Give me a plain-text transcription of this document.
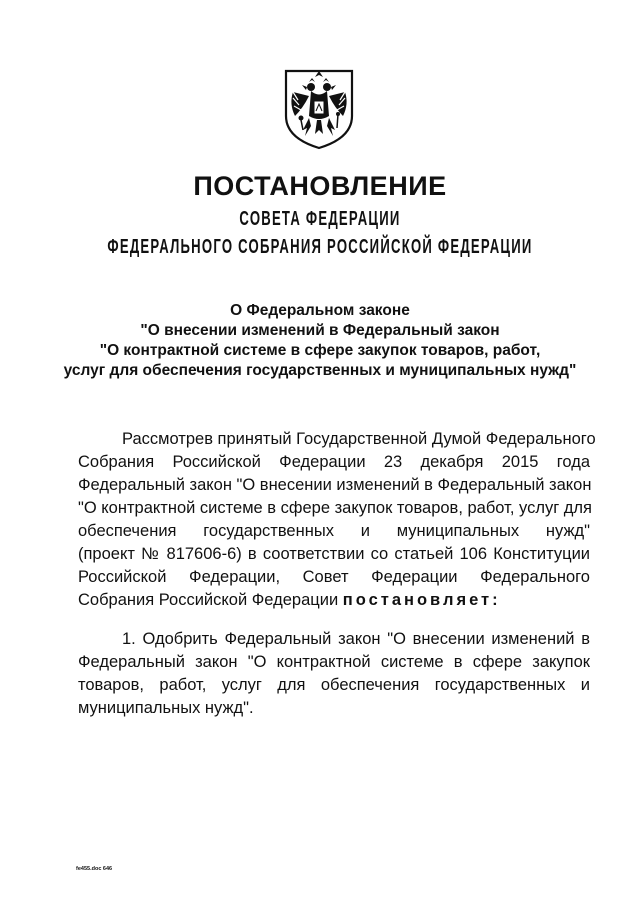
ПОСТАНОВЛЕНИЕ
СОВЕТА ФЕДЕРАЦИИ
ФЕДЕРАЛЬНОГО СОБРАНИЯ РОССИЙСКОЙ ФЕДЕРАЦИИ
О Федеральном законе
"О внесении изменений в Федеральный закон
"О контрактной системе в сфере закупок товаров, работ,
услуг для обеспечения государственных и муниципальных нужд"
Рассмотрев принятый Государственной Думой Федерального
Собрания Российской Федерации 23 декабря 2015 года
Федеральный закон "О внесении изменений в Федеральный закон
"О контрактной системе в сфере закупок товаров, работ, услуг для
обеспечения государственных и муниципальных нужд"
(проект № 817606-6) в соответствии со статьей 106 Конституции
Российской Федерации, Совет Федерации Федерального
Собрания Российской Федерации постановляет:
1. Одобрить Федеральный закон "О внесении изменений в
Федеральный закон "О контрактной системе в сфере закупок
товаров, работ, услуг для обеспечения государственных и
муниципальных нужд".
fe455.doc 646
